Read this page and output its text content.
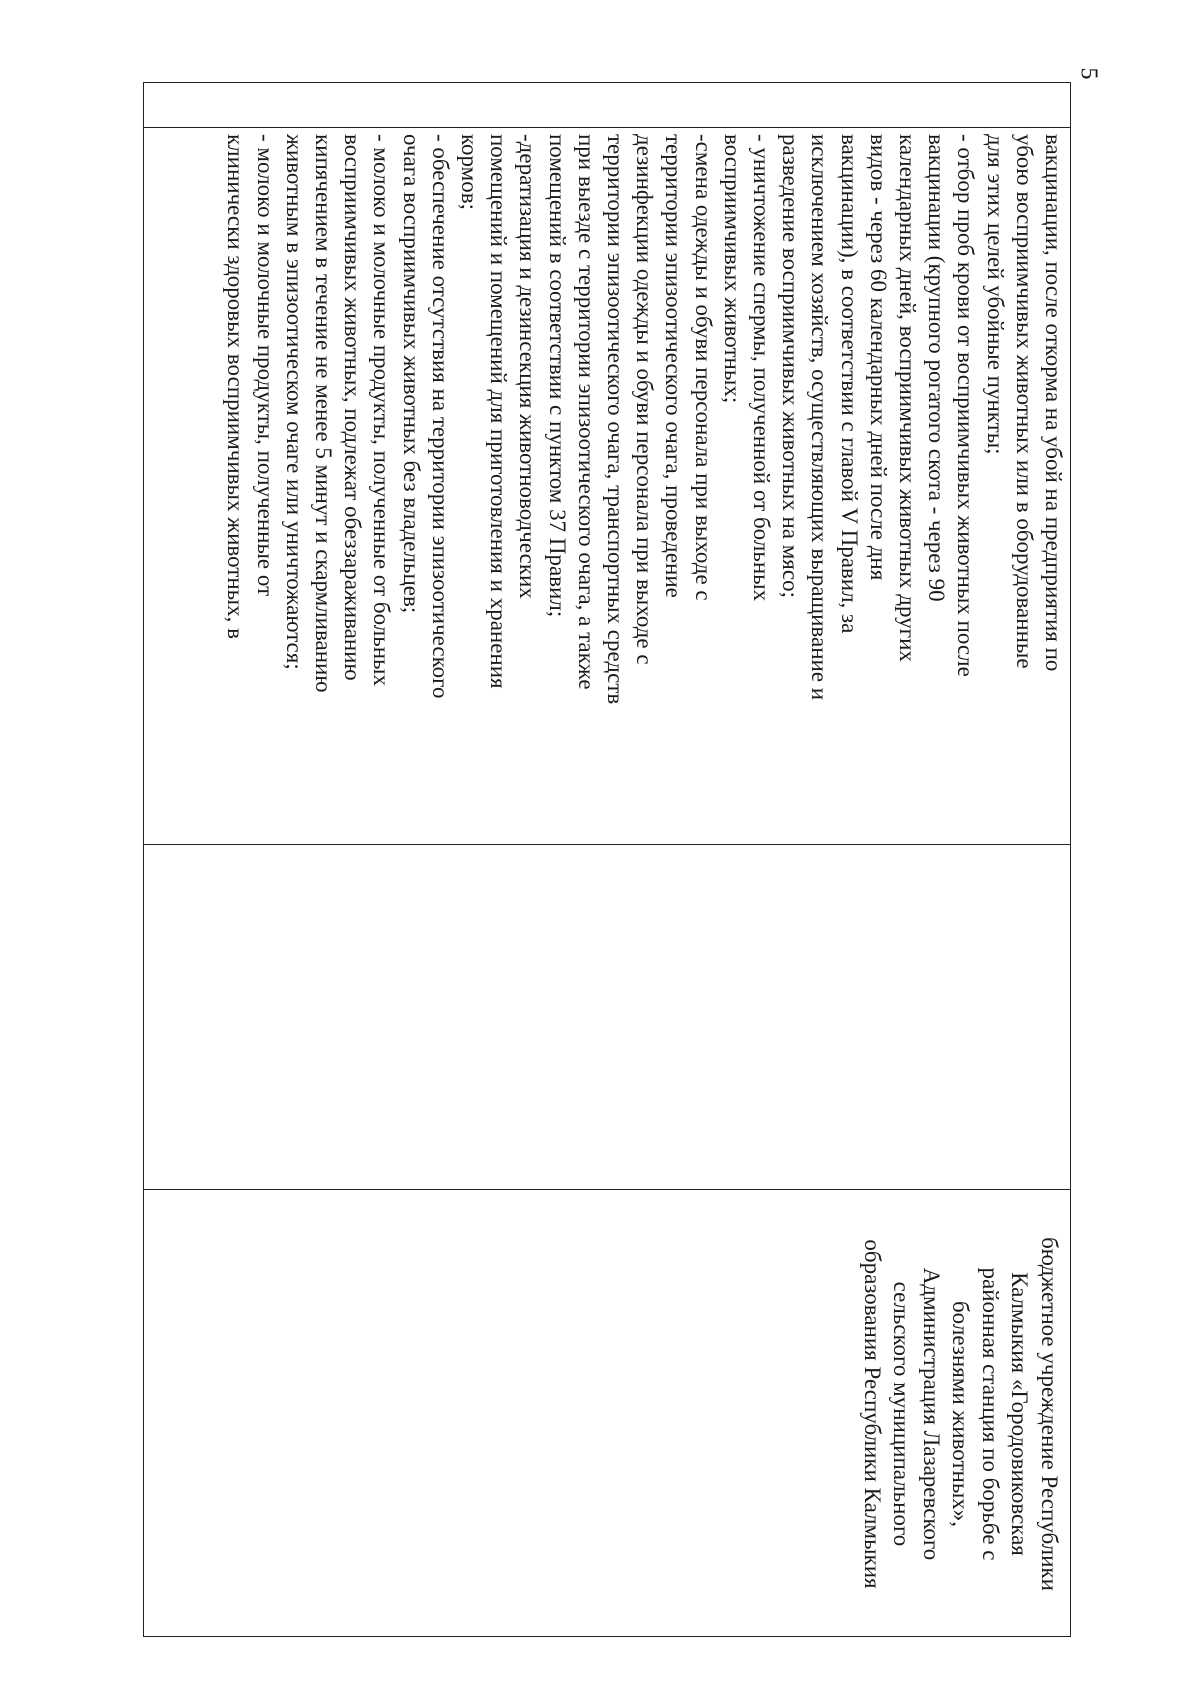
вакцинации, после откорма на убой на предприятия по
убою восприимчивых животных или в оборудованные
для этих целей убойные пункты;
- отбор проб крови от восприимчивых животных после
вакцинации (крупного рогатого скота - через 90
календарных дней, восприимчивых животных других
видов - через 60 календарных дней после дня
вакцинации), в соответствии с главой V Правил, за
исключением хозяйств, осуществляющих выращивание и
разведение восприимчивых животных на мясо;
- уничтожение спермы, полученной от больных
восприимчивых животных;
-смена одежды и обуви персонала при выходе с
территории эпизоотического очага, проведение
дезинфекции одежды и обуви персонала при выходе с
территории эпизоотического очага, транспортных средств
при выезде с территории эпизоотического очага, а также
помещений в соответствии с пунктом 37 Правил;
-дератизация и дезинсекция животноводческих
помещений и помещений для приготовления и хранения
кормов;
- обеспечение отсутствия на территории эпизоотического
очага восприимчивых животных без владельцев;
- молоко и молочные продукты, полученные от больных
восприимчивых животных, подлежат обеззараживанию
кипячением в течение не менее 5 минут и скармливанию
животным в эпизоотическом очаге или уничтожаются;
- молоко и молочные продукты, полученные от
клинически здоровых восприимчивых животных, в

бюджетное учреждение Республики
Калмыкия «Городовиковская
районная станция по борьбе с
болезнями животных»,
Администрация Лазаревского
сельского муниципального
образования Республики Калмыкия
5
